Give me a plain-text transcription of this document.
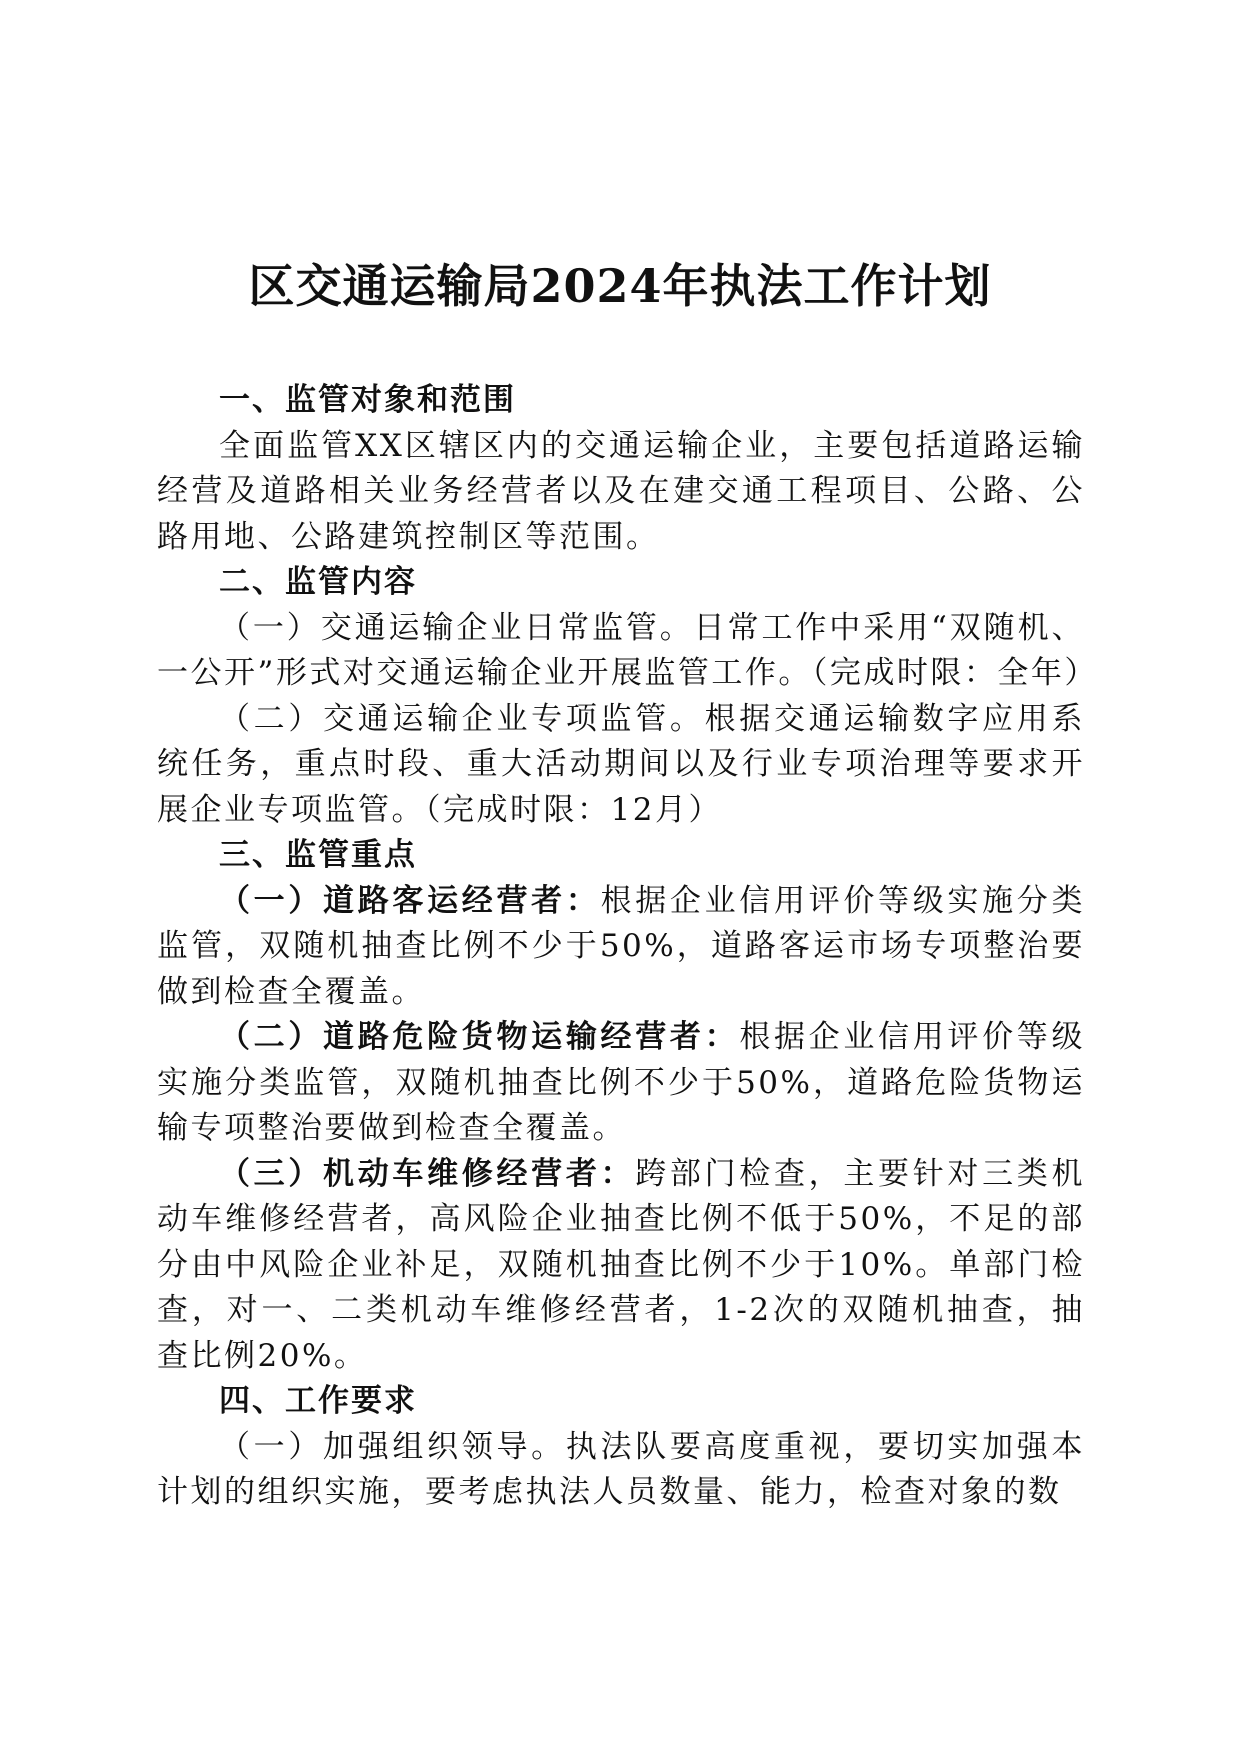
区交通运输局2024年执法工作计划

一、监管对象和范围

全面监管XX区辖区内的交通运输企业，主要包括道路运输经营及道路相关业务经营者以及在建交通工程项目、公路、公路用地、公路建筑控制区等范围。

二、监管内容

（一）交通运输企业日常监管。日常工作中采用“双随机、一公开”形式对交通运输企业开展监管工作。（完成时限：全年）

（二）交通运输企业专项监管。根据交通运输数字应用系统任务，重点时段、重大活动期间以及行业专项治理等要求开展企业专项监管。（完成时限：12月）

三、监管重点

（一）道路客运经营者：根据企业信用评价等级实施分类监管，双随机抽查比例不少于50%，道路客运市场专项整治要做到检查全覆盖。

（二）道路危险货物运输经营者：根据企业信用评价等级实施分类监管，双随机抽查比例不少于50%，道路危险货物运输专项整治要做到检查全覆盖。

（三）机动车维修经营者：跨部门检查，主要针对三类机动车维修经营者，高风险企业抽查比例不低于50%，不足的部分由中风险企业补足，双随机抽查比例不少于10%。单部门检查，对一、二类机动车维修经营者，1-2次的双随机抽查，抽查比例20%。

四、工作要求

（一）加强组织领导。执法队要高度重视，要切实加强本计划的组织实施，要考虑执法人员数量、能力，检查对象的数
